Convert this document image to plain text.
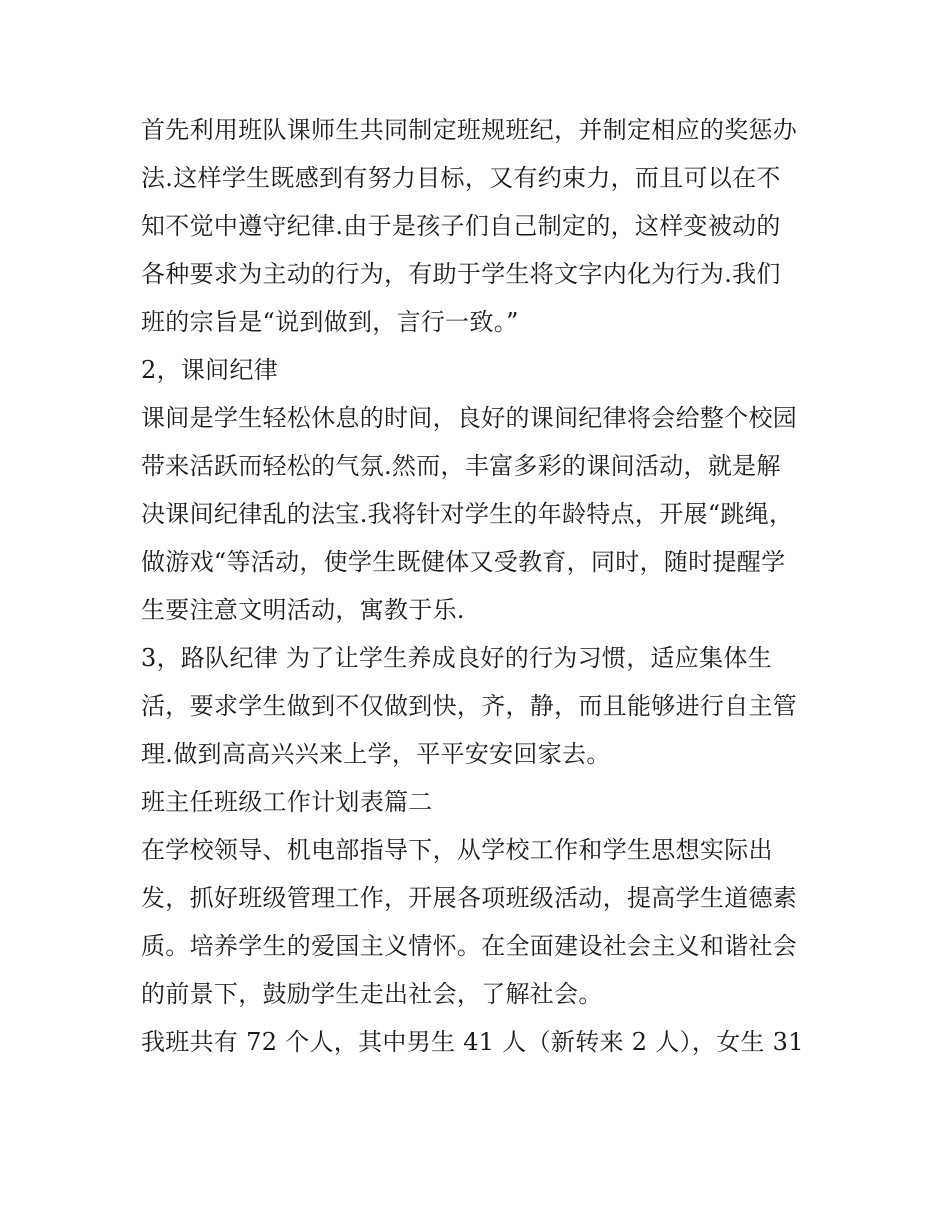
首先利用班队课师生共同制定班规班纪，并制定相应的奖惩办
法.这样学生既感到有努力目标，又有约束力，而且可以在不
知不觉中遵守纪律.由于是孩子们自己制定的，这样变被动的
各种要求为主动的行为，有助于学生将文字内化为行为.我们
班的宗旨是“说到做到，言行一致。”
2，课间纪律
课间是学生轻松休息的时间，良好的课间纪律将会给整个校园
带来活跃而轻松的气氛.然而，丰富多彩的课间活动，就是解
决课间纪律乱的法宝.我将针对学生的年龄特点，开展“跳绳，
做游戏“等活动，使学生既健体又受教育，同时，随时提醒学
生要注意文明活动，寓教于乐.
3，路队纪律 为了让学生养成良好的行为习惯，适应集体生
活，要求学生做到不仅做到快，齐，静，而且能够进行自主管
理.做到高高兴兴来上学，平平安安回家去。
班主任班级工作计划表篇二
在学校领导、机电部指导下，从学校工作和学生思想实际出
发，抓好班级管理工作，开展各项班级活动，提高学生道德素
质。培养学生的爱国主义情怀。在全面建设社会主义和谐社会
的前景下，鼓励学生走出社会，了解社会。
我班共有 72 个人，其中男生 41 人（新转来 2 人），女生 31
